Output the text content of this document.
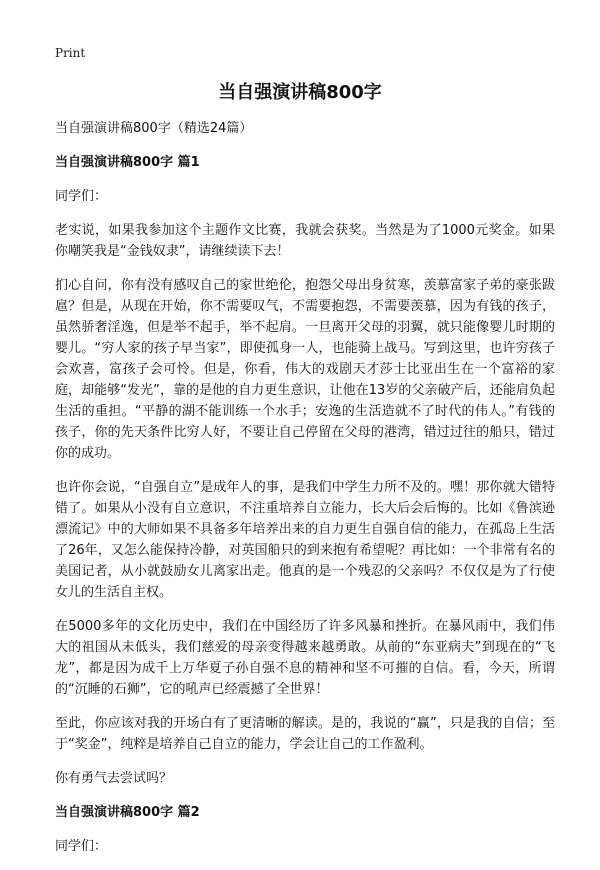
Print
当自强演讲稿800字

当自强演讲稿800字（精选24篇）

当自强演讲稿800字 篇1

同学们：

老实说，如果我参加这个主题作文比赛，我就会获奖。当然是为了1000元奖金。如果你嘲笑我是“金钱奴隶”，请继续读下去！

扪心自问，你有没有感叹自己的家世绝伦，抱怨父母出身贫寒，羡慕富家子弟的豪张跋扈？但是，从现在开始，你不需要叹气，不需要抱怨，不需要羡慕，因为有钱的孩子，虽然骄奢淫逸，但是举不起手，举不起肩。一旦离开父母的羽翼，就只能像婴儿时期的婴儿。“穷人家的孩子早当家”，即使孤身一人，也能骑上战马。写到这里，也许穷孩子会欢喜，富孩子会可怜。但是，你看，伟大的戏剧天才莎士比亚出生在一个富裕的家庭，却能够“发光”，靠的是他的自力更生意识，让他在13岁的父亲破产后，还能肩负起生活的重担。“平静的湖不能训练一个水手；安逸的生活造就不了时代的伟人。”有钱的孩子，你的先天条件比穷人好，不要让自己停留在父母的港湾，错过过往的船只，错过你的成功。

也许你会说，“自强自立”是成年人的事，是我们中学生力所不及的。嘿！那你就大错特错了。如果从小没有自立意识，不注重培养自立能力，长大后会后悔的。比如《鲁滨逊漂流记》中的大师如果不具备多年培养出来的自力更生自强自信的能力，在孤岛上生活了26年，又怎么能保持冷静，对英国船只的到来抱有希望呢？再比如：一个非常有名的美国记者，从小就鼓励女儿离家出走。他真的是一个残忍的父亲吗？不仅仅是为了行使女儿的生活自主权。

在5000多年的文化历史中，我们在中国经历了许多风暴和挫折。在暴风雨中，我们伟大的祖国从未低头，我们慈爱的母亲变得越来越勇敢。从前的“东亚病夫”到现在的“飞龙”，都是因为成千上万华夏子孙自强不息的精神和坚不可摧的自信。看，今天，所谓的“沉睡的石狮”，它的吼声已经震撼了全世界！

至此，你应该对我的开场白有了更清晰的解读。是的，我说的“赢”，只是我的自信；至于“奖金”，纯粹是培养自己自立的能力，学会让自己的工作盈利。

你有勇气去尝试吗？

当自强演讲稿800字 篇2

同学们：
